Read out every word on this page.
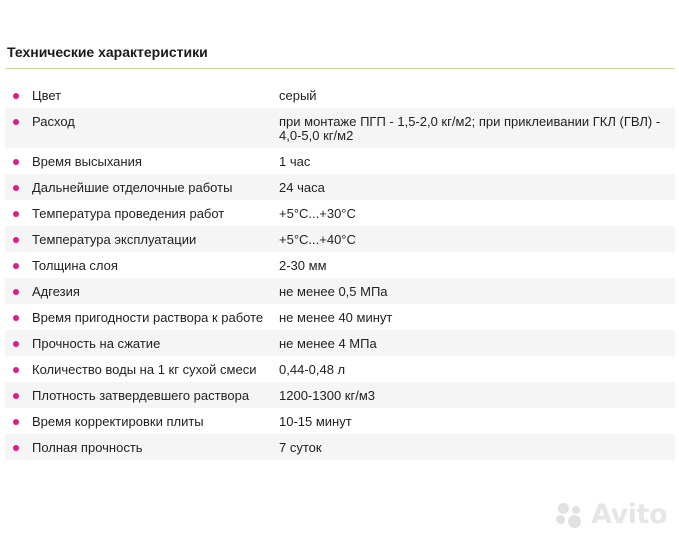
Технические характеристики
Цвет	серый
Расход	при монтаже ПГП - 1,5-2,0 кг/м2; при приклеивании ГКЛ (ГВЛ) - 4,0-5,0 кг/м2
Время высыхания	1 час
Дальнейшие отделочные работы	24 часа
Температура проведения работ	+5°С...+30°С
Температура эксплуатации	+5°С...+40°С
Толщина слоя	2-30 мм
Адгезия	не менее 0,5 МПа
Время пригодности раствора к работе	не менее 40 минут
Прочность на сжатие	не менее 4 МПа
Количество воды на 1 кг сухой смеси	0,44-0,48 л
Плотность затвердевшего раствора	1200-1300 кг/м3
Время корректировки плиты	10-15 минут
Полная прочность	7 суток
Avito
